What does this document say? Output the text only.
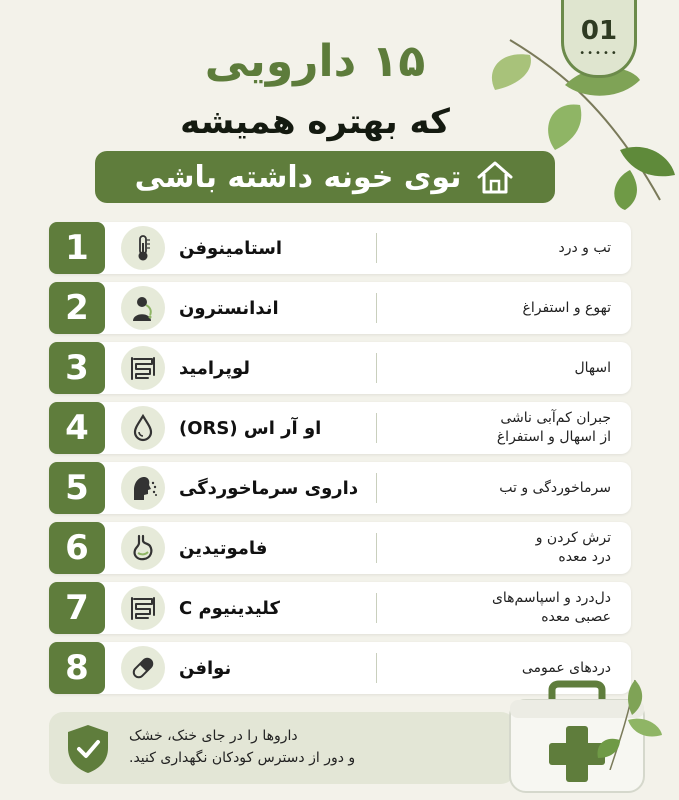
01
•••••
۱۵ دارویی
که بهتره همیشه
توی خونه داشته باشی
1	استامینوفن	تب و درد
2	اندانسترون	تهوع و استفراغ
3	لوپرامید	اسهال
4	او آر اس (ORS)	جبران کم‌آبی ناشی
از اسهال و استفراغ
5	داروی سرماخوردگی	سرماخوردگی و تب
6	فاموتیدین	ترش کردن و
درد معده
7	کلیدینیوم C	دل‌درد و اسپاسم‌های
عصبی معده
8	نوافن	دردهای عمومی
داروها را در جای خنک، خشک
و دور از دسترس کودکان نگهداری کنید.
